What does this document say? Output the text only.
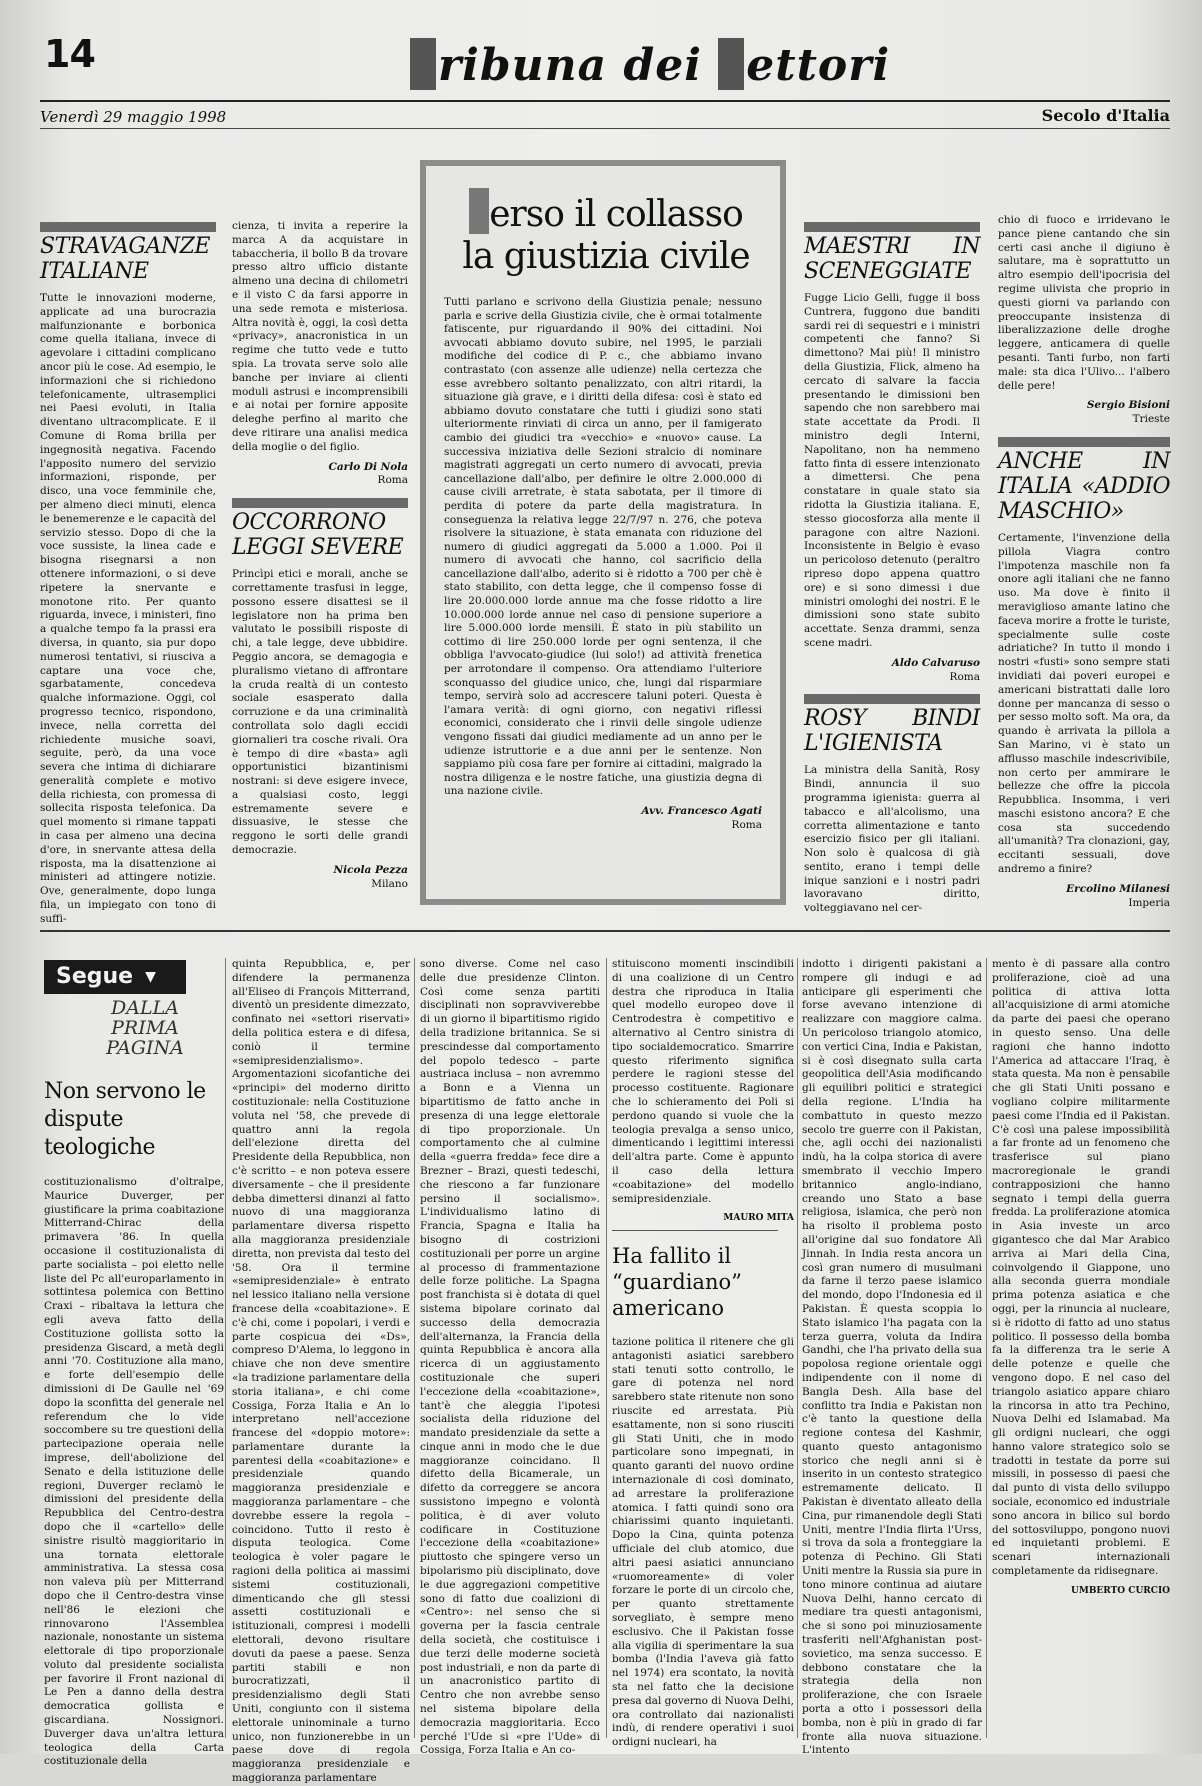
14	ribuna dei ettori
Venerdì 29 maggio 1998	Secolo d'Italia
STRAVAGANZE ITALIANE

Tutte le innovazioni moderne, applicate ad una burocrazia malfunzionante e borbonica come quella italiana, invece di agevolare i cittadini complicano ancor più le cose. Ad esempio, le informazioni che si richiedono telefonicamente, ultrasemplici nei Paesi evoluti, in Italia diventano ultracomplicate. E il Comune di Roma brilla per ingegnosità negativa. Facendo l'apposito numero del servizio informazioni, risponde, per disco, una voce femminile che, per almeno dieci minuti, elenca le benemerenze e le capacità del servizio stesso. Dopo di che la voce sussiste, la linea cade e bisogna risegnarsi a non ottenere informazioni, o si deve ripetere la snervante e monotone rito. Per quanto riguarda, invece, i ministeri, fino a qualche tempo fa la prassi era diversa, in quanto, sia pur dopo numerosi tentativi, si riusciva a captare una voce che, sgarbatamente, concedeva qualche informazione. Oggi, col progresso tecnico, rispondono, invece, nella corretta del richiedente musiche soavi, seguite, però, da una voce severa che intima di dichiarare generalità complete e motivo della richiesta, con promessa di sollecita risposta telefonica. Da quel momento si rimane tappati in casa per almeno una decina d'ore, in snervante attesa della risposta, ma la disattenzione ai ministeri ad attingere notizie. Ove, generalmente, dopo lunga fila, un impiegato con tono di suffi-

cienza, ti invita a reperire la marca A da acquistare in tabaccheria, il bollo B da trovare presso altro ufficio distante almeno una decina di chilometri e il visto C da farsi apporre in una sede remota e misteriosa. Altra novità è, oggi, la così detta «privacy», anacronistica in un regime che tutto vede e tutto spia. La trovata serve solo alle banche per inviare ai clienti moduli astrusi e incomprensibili e ai notai per fornire apposite deleghe perfino al marito che deve ritirare una analisi medica della moglie o del figlio.

Carlo Di Nola
Roma
OCCORRONO LEGGI SEVERE

Princìpi etici e morali, anche se correttamente trasfusi in legge, possono essere disattesi se il legislatore non ha prima ben valutato le possibili risposte di chi, a tale legge, deve ubbidire. Peggio ancora, se demagogia e pluralismo vietano di affrontare la cruda realtà di un contesto sociale esasperato dalla corruzione e da una criminalità controllata solo dagli eccidi giornalieri tra cosche rivali. Ora è tempo di dire «basta» agli opportunistici bizantinismi nostrani: si deve esigere invece, a qualsiasi costo, leggi estremamente severe e dissuasive, le stesse che reggono le sorti delle grandi democrazie.

Nicola Pezza
Milano
erso il collasso
la giustizia civile

Tutti parlano e scrivono della Giustizia penale; nessuno parla e scrive della Giustizia civile, che è ormai totalmente fatiscente, pur riguardando il 90% dei cittadini. Noi avvocati abbiamo dovuto subire, nel 1995, le parziali modifiche del codice di P. c., che abbiamo invano contrastato (con assenze alle udienze) nella certezza che esse avrebbero soltanto penalizzato, con altri ritardi, la situazione già grave, e i diritti della difesa: così è stato ed abbiamo dovuto constatare che tutti i giudizi sono stati ulteriormente rinviati di circa un anno, per il famigerato cambio dei giudici tra «vecchio» e «nuovo» cause. La successiva iniziativa delle Sezioni stralcio di nominare magistrati aggregati un certo numero di avvocati, previa cancellazione dall'albo, per definire le oltre 2.000.000 di cause civili arretrate, è stata sabotata, per il timore di perdita di potere da parte della magistratura. In conseguenza la relativa legge 22/7/97 n. 276, che poteva risolvere la situazione, è stata emanata con riduzione del numero di giudici aggregati da 5.000 a 1.000. Poi il numero di avvocati che hanno, col sacrificio della cancellazione dall'albo, aderito si è ridotto a 700 per chè è stato stabilito, con detta legge, che il compenso fosse di lire 20.000.000 lorde annue ma che fosse ridotto a lire 10.000.000 lorde annue nel caso di pensione superiore a lire 5.000.000 lorde mensili. È stato in più stabilito un cottimo di lire 250.000 lorde per ogni sentenza, il che obbliga l'avvocato-giudice (lui solo!) ad attività frenetica per arrotondare il compenso. Ora attendiamo l'ulteriore sconquasso del giudice unico, che, lungi dal risparmiare tempo, servirà solo ad accrescere taluni poteri. Questa è l'amara verità: di ogni giorno, con negativi riflessi economici, considerato che i rinvii delle singole udienze vengono fissati dai giudici mediamente ad un anno per le udienze istruttorie e a due anni per le sentenze. Non sappiamo più cosa fare per fornire ai cittadini, malgrado la nostra diligenza e le nostre fatiche, una giustizia degna di una nazione civile.

Avv. Francesco Agati
Roma
MAESTRI IN SCENEGGIATE

Fugge Licio Gelli, fugge il boss Cuntrera, fuggono due banditi sardi rei di sequestri e i ministri competenti che fanno? Si dimettono? Mai più! Il ministro della Giustizia, Flick, almeno ha cercato di salvare la faccia presentando le dimissioni ben sapendo che non sarebbero mai state accettate da Prodi. Il ministro degli Interni, Napolitano, non ha nemmeno fatto finta di essere intenzionato a dimettersi. Che pena constatare in quale stato sia ridotta la Giustizia italiana. E, stesso giocosforza alla mente il paragone con altre Nazioni. Inconsistente in Belgio è evaso un pericoloso detenuto (peraltro ripreso dopo appena quattro ore) e si sono dimessi i due ministri omologhi dei nostri. E le dimissioni sono state subito accettate. Senza drammi, senza scene madri.

Aldo Calvaruso
Roma
ROSY BINDI L'IGIENISTA

La ministra della Sanità, Rosy Bindi, annuncia il suo programma igienista: guerra al tabacco e all'alcolismo, una corretta alimentazione e tanto esercizio fisico per gli italiani. Non solo è qualcosa di già sentito, erano i tempi delle inique sanzioni e i nostri padri lavoravano diritto, volteggiavano nel cer-

chio di fuoco e irridevano le pance piene cantando che sin certi casi anche il digiuno è salutare, ma è soprattutto un altro esempio dell'ipocrisia del regime ulivista che proprio in questi giorni va parlando con preoccupante insistenza di liberalizzazione delle droghe leggere, anticamera di quelle pesanti. Tanti furbo, non farti male: sta dica l'Ulivo... l'albero delle pere!

Sergio Bisioni
Trieste
ANCHE IN ITALIA «ADDIO MASCHIO»

Certamente, l'invenzione della pillola Viagra contro l'impotenza maschile non fa onore agli italiani che ne fanno uso. Ma dove è finito il meraviglioso amante latino che faceva morire a frotte le turiste, specialmente sulle coste adriatiche? In tutto il mondo i nostri «fusti» sono sempre stati invidiati dai poveri europei e americani bistrattati dalle loro donne per mancanza di sesso o per sesso molto soft. Ma ora, da quando è arrivata la pillola a San Marino, vi è stato un afflusso maschile indescrivibile, non certo per ammirare le bellezze che offre la piccola Repubblica. Insomma, i veri maschi esistono ancora? E che cosa sta succedendo all'umanità? Tra clonazioni, gay, eccitanti sessuali, dove andremo a finire?

Ercolino Milanesi
Imperia
Segue ▼
DALLA PRIMA PAGINA
Non servono le dispute teologiche

costituzionalismo d'oltralpe, Maurice Duverger, per giustificare la prima coabitazione Mitterrand-Chirac della primavera '86. In quella occasione il costituzionalista di parte socialista – poi eletto nelle liste del Pc all'europarlamento in sottintesa polemica con Bettino Craxi – ribaltava la lettura che egli aveva fatto della Costituzione gollista sotto la presidenza Giscard, a metà degli anni '70. Costituzione alla mano, e forte dell'esempio delle dimissioni di De Gaulle nel '69 dopo la sconfitta del generale nel referendum che lo vide soccombere su tre questioni della partecipazione operaia nelle imprese, dell'abolizione del Senato e della istituzione delle regioni, Duverger reclamò le dimissioni del presidente della Repubblica del Centro-destra dopo che il «cartello» delle sinistre risultò maggioritario in una tornata elettorale amministrativa. La stessa cosa non valeva più per Mitterrand dopo che il Centro-destra vinse nell'86 le elezioni che rinnovarono l'Assemblea nazionale, nonostante un sistema elettorale di tipo proporzionale voluto dal presidente socialista per favorire il Front nazional di Le Pen a danno della destra democratica gollista e giscardiana. Nossignori. Duverger dava un'altra lettura teologica della Carta costituzionale della

quinta Repubblica, e, per difendere la permanenza all'Eliseo di François Mitterrand, diventò un presidente dimezzato, confinato nei «settori riservati» della politica estera e di difesa, coniò il termine «semipresidenzialismo». Argomentazioni sicofantiche dei «principi» del moderno diritto costituzionale: nella Costituzione voluta nel '58, che prevede di quattro anni la regola dell'elezione diretta del Presidente della Repubblica, non c'è scritto – e non poteva essere diversamente – che il presidente debba dimettersi dinanzi al fatto nuovo di una maggioranza parlamentare diversa rispetto alla maggioranza presidenziale diretta, non prevista dal testo del '58. Ora il termine «semipresidenziale» è entrato nel lessico italiano nella versione francese della «coabitazione». E c'è chi, come i popolari, i verdi e parte cospicua dei «Ds», compreso D'Alema, lo leggono in chiave che non deve smentire «la tradizione parlamentare della storia italiana», e chi come Cossiga, Forza Italia e An lo interpretano nell'accezione francese del «doppio motore»: parlamentare durante la parentesi della «coabitazione» e presidenziale quando maggioranza presidenziale e maggioranza parlamentare – che dovrebbe essere la regola – coincidono. Tutto il resto è disputa teologica. Come teologica è voler pagare le ragioni della politica ai massimi sistemi costituzionali, dimenticando che gli stessi assetti costituzionali e istituzionali, compresi i modelli elettorali, devono risultare dovuti da paese a paese. Senza partiti stabili e non burocratizzati, il presidenzialismo degli Stati Uniti, congiunto con il sistema elettorale uninominale a turno unico, non funzionerebbe in un paese dove di regola maggioranza presidenziale e maggioranza parlamentare

sono diverse. Come nel caso delle due presidenze Clinton. Così come senza partiti disciplinati non sopravviverebbe di un giorno il bipartitismo rigido della tradizione britannica. Se si prescindesse dal comportamento del popolo tedesco – parte austriaca inclusa – non avremmo a Bonn e a Vienna un bipartitismo de fatto anche in presenza di una legge elettorale di tipo proporzionale. Un comportamento che al culmine della «guerra fredda» fece dire a Brezner – Brazi, questi tedeschi, che riescono a far funzionare persino il socialismo». L'individualismo latino di Francia, Spagna e Italia ha bisogno di costrizioni costituzionali per porre un argine al processo di frammentazione delle forze politiche. La Spagna post franchista si è dotata di quel sistema bipolare corinato dal successo della democrazia dell'alternanza, la Francia della quinta Repubblica è ancora alla ricerca di un aggiustamento costituzionale che superi l'eccezione della «coabitazione», tant'è che aleggia l'ipotesi socialista della riduzione del mandato presidenziale da sette a cinque anni in modo che le due maggioranze coincidano. Il difetto della Bicamerale, un difetto da correggere se ancora sussistono impegno e volontà politica, è di aver voluto codificare in Costituzione l'eccezione della «coabitazione» piuttosto che spingere verso un bipolarismo più disciplinato, dove le due aggregazioni competitive sono di fatto due coalizioni di «Centro»: nel senso che si governa per la fascia centrale della società, che costituisce i due terzi delle moderne società post industriali, e non da parte di un anacronistico partito di Centro che non avrebbe senso nel sistema bipolare della democrazia maggioritaria. Ecco perché l'Ude si «pre l'Ude» di Cossiga, Forza Italia e An co-

stituiscono momenti inscindibili di una coalizione di un Centro destra che riproduca in Italia quel modello europeo dove il Centrodestra è competitivo e alternativo al Centro sinistra di tipo socialdemocratico. Smarrire questo riferimento significa perdere le ragioni stesse del processo costituente. Ragionare che lo schieramento dei Poli si perdono quando si vuole che la teologia prevalga a senso unico, dimenticando i legittimi interessi dell'altra parte. Come è appunto il caso della lettura «coabitazione» del modello semipresidenziale.

MAURO MITA
Ha fallito il “guardiano” americano

tazione politica il ritenere che gli antagonisti asiatici sarebbero stati tenuti sotto controllo, le gare di potenza nel nord sarebbero state ritenute non sono riuscite ed arrestata. Più esattamente, non si sono riusciti gli Stati Uniti, che in modo particolare sono impegnati, in quanto garanti del nuovo ordine internazionale di così dominato, ad arrestare la proliferazione atomica. I fatti quindi sono ora chiarissimi quanto inquietanti. Dopo la Cina, quinta potenza ufficiale del club atomico, due altri paesi asiatici annunciano «ruomoreamente» di voler forzare le porte di un circolo che, per quanto strettamente sorvegliato, è sempre meno esclusivo. Che il Pakistan fosse alla vigilia di sperimentare la sua bomba (l'India l'aveva già fatto nel 1974) era scontato, la novità sta nel fatto che la decisione presa dal governo di Nuova Delhi, ora controllato dai nazionalisti indù, di rendere operativi i suoi ordigni nucleari, ha

indotto i dirigenti pakistani a rompere gli indugi e ad anticipare gli esperimenti che forse avevano intenzione di realizzare con maggiore calma. Un pericoloso triangolo atomico, con vertici Cina, India e Pakistan, si è così disegnato sulla carta geopolitica dell'Asia modificando gli equilibri politici e strategici della regione. L'India ha combattuto in questo mezzo secolo tre guerre con il Pakistan, che, agli occhi dei nazionalisti indù, ha la colpa storica di avere smembrato il vecchio Impero britannico anglo-indiano, creando uno Stato a base religiosa, islamica, che però non ha risolto il problema posto all'origine dal suo fondatore Alì Jinnah. In India resta ancora un così gran numero di musulmani da farne il terzo paese islamico del mondo, dopo l'Indonesia ed il Pakistan. È questa scoppia lo Stato islamico l'ha pagata con la terza guerra, voluta da Indira Gandhi, che l'ha privato della sua popolosa regione orientale oggi indipendente con il nome di Bangla Desh. Alla base del conflitto tra India e Pakistan non c'è tanto la questione della regione contesa del Kashmir, quanto questo antagonismo storico che negli anni si è inserito in un contesto strategico estremamente delicato. Il Pakistan è diventato alleato della Cina, pur rimanendole degli Stati Uniti, mentre l'India flirta l'Urss, si trova da sola a fronteggiare la potenza di Pechino. Gli Stati Uniti mentre la Russia sia pure in tono minore continua ad aiutare Nuova Delhi, hanno cercato di mediare tra questi antagonismi, che si sono poi minuziosamente trasferiti nell'Afghanistan post-sovietico, ma senza successo. E debbono constatare che la strategia della non proliferazione, che con Israele porta a otto i possessori della bomba, non è più in grado di far fronte alla nuova situazione. L'intento

mento è di passare alla contro proliferazione, cioè ad una politica di attiva lotta all'acquisizione di armi atomiche da parte dei paesi che operano in questo senso. Una delle ragioni che hanno indotto l'America ad attaccare l'Iraq, è stata questa. Ma non è pensabile che gli Stati Uniti possano e vogliano colpire militarmente paesi come l'India ed il Pakistan. C'è così una palese impossibilità a far fronte ad un fenomeno che trasferisce sul piano macroregionale le grandi contrapposizioni che hanno segnato i tempi della guerra fredda. La proliferazione atomica in Asia investe un arco gigantesco che dal Mar Arabico arriva ai Mari della Cina, coinvolgendo il Giappone, uno alla seconda guerra mondiale prima potenza asiatica e che oggi, per la rinuncia al nucleare, si è ridotto di fatto ad uno status politico. Il possesso della bomba fa la differenza tra le serie A delle potenze e quelle che vengono dopo. E nel caso del triangolo asiatico appare chiaro la rincorsa in atto tra Pechino, Nuova Delhi ed Islamabad. Ma gli ordigni nucleari, che oggi hanno valore strategico solo se tradotti in testate da porre sui missili, in possesso di paesi che dal punto di vista dello sviluppo sociale, economico ed industriale sono ancora in bilico sul bordo del sottosviluppo, pongono nuovi ed inquietanti problemi. E scenari internazionali completamente da ridisegnare.

UMBERTO CURCIO
